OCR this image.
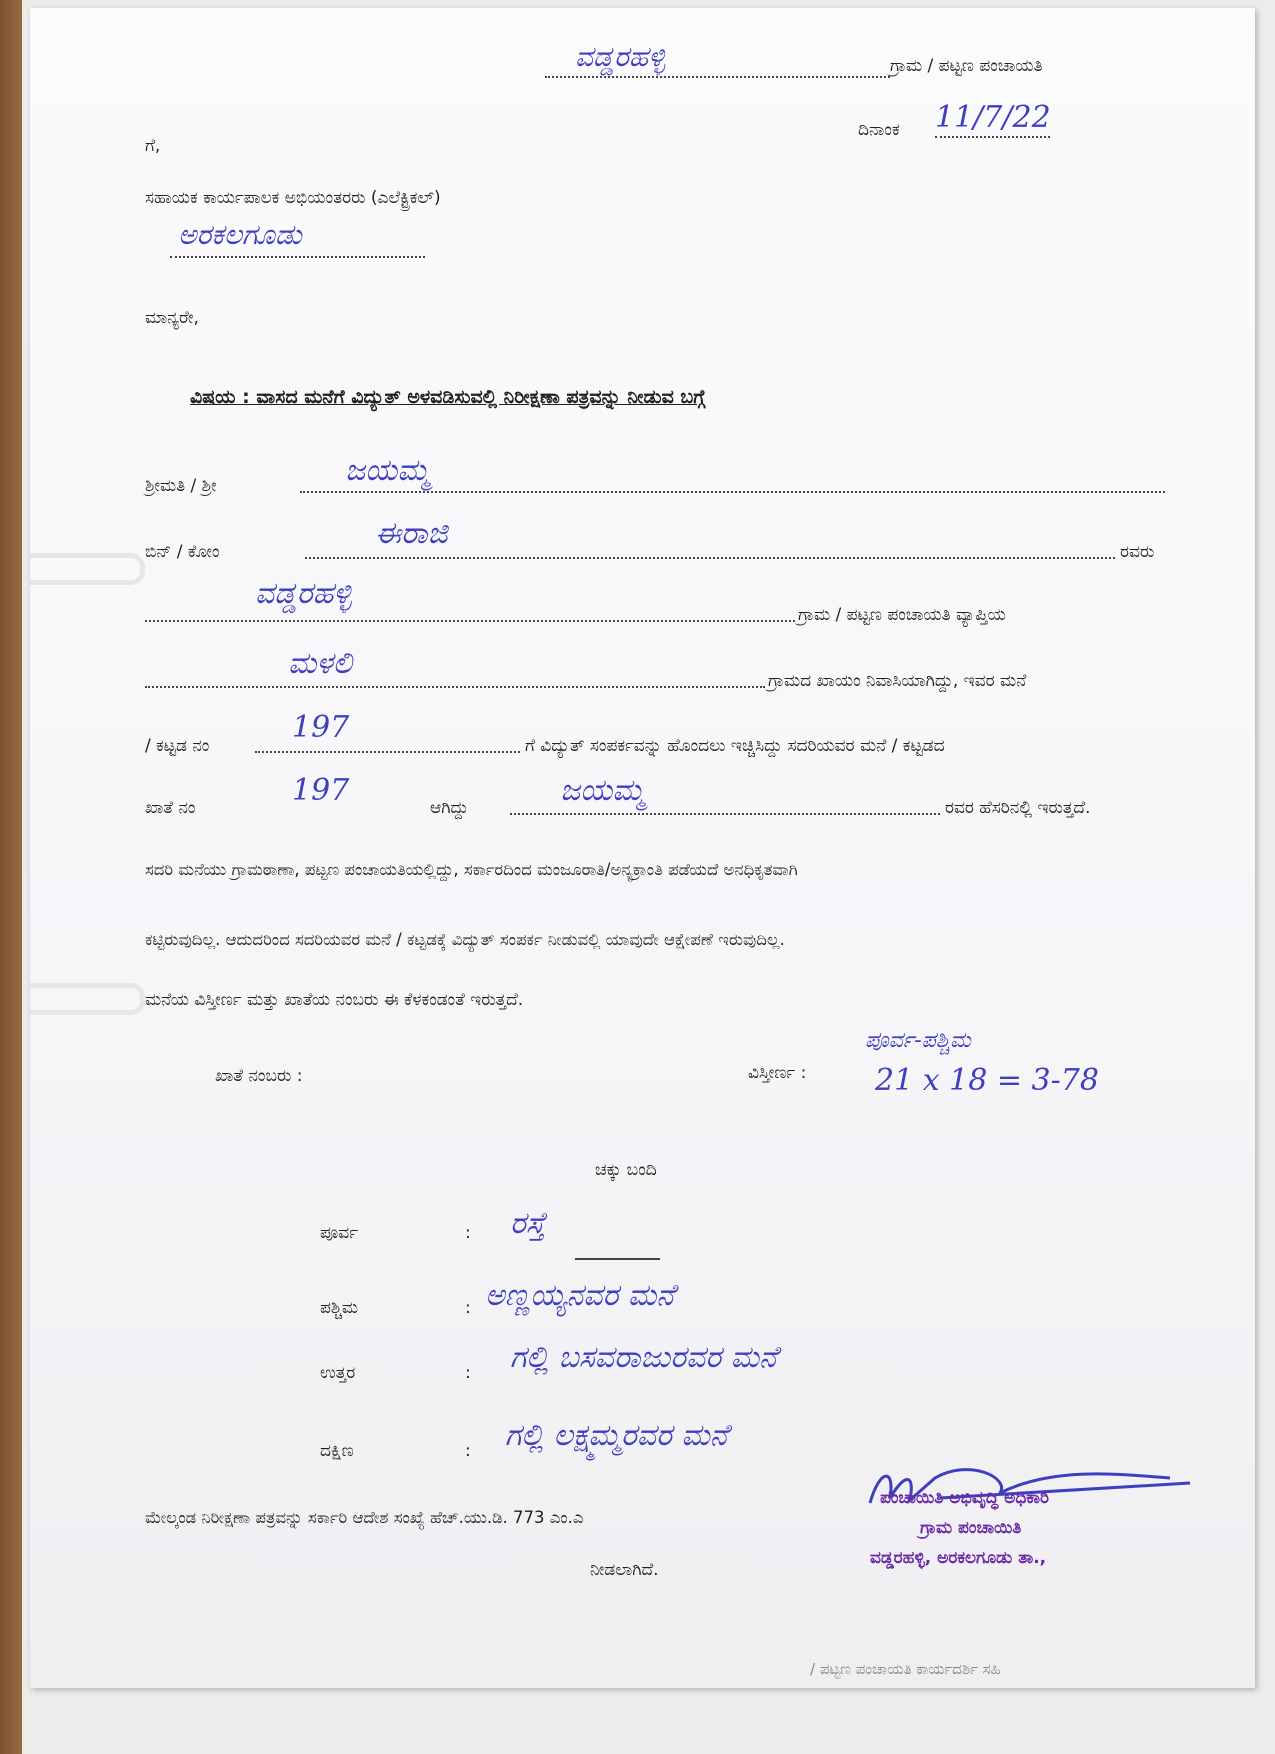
ವಡ್ಡರಹಳ್ಳಿ	ಗ್ರಾಮ / ಪಟ್ಟಣ ಪಂಚಾಯತಿ
ದಿನಾಂಕ 11/7/22
ಗೆ,
ಸಹಾಯಕ ಕಾರ್ಯಪಾಲಕ ಅಭಿಯಂತರರು (ಎಲೆಕ್ಟ್ರಿಕಲ್)
ಅರಕಲಗೂಡು
ಮಾನ್ಯರೇ,
ವಿಷಯ : ವಾಸದ ಮನೆಗೆ ವಿದ್ಯುತ್ ಅಳವಡಿಸುವಲ್ಲಿ ನಿರೀಕ್ಷಣಾ ಪತ್ರವನ್ನು ನೀಡುವ ಬಗ್ಗೆ
ಶ್ರೀಮತಿ / ಶ್ರೀ	ಜಯಮ್ಮ
ಬಿನ್ / ಕೋಂ
ಈರಾಜಿ
ರವರು
ವಡ್ಡರಹಳ್ಳಿ
ಗ್ರಾಮ / ಪಟ್ಟಣ ಪಂಚಾಯತಿ ವ್ಯಾಪ್ತಿಯ
ಮಳಲಿ	ಗ್ರಾಮದ ಖಾಯಂ ನಿವಾಸಿಯಾಗಿದ್ದು, ಇವರ ಮನೆ
/ ಕಟ್ಟಡ ನಂ
197
ಗೆ ವಿದ್ಯುತ್ ಸಂಪರ್ಕವನ್ನು ಹೊಂದಲು ಇಚ್ಚಿಸಿದ್ದು ಸದರಿಯವರ ಮನೆ / ಕಟ್ಟಡದ
ಖಾತೆ ನಂ	197	ಆಗಿದ್ದು	ಜಯಮ್ಮ	ರವರ ಹೆಸರಿನಲ್ಲಿ ಇರುತ್ತದೆ.
ಸದರಿ ಮನೆಯು ಗ್ರಾಮಠಾಣಾ, ಪಟ್ಟಣ ಪಂಚಾಯತಿಯಲ್ಲಿದ್ದು, ಸರ್ಕಾರದಿಂದ ಮಂಜೂರಾತಿ/ಅನ್ಯಕ್ರಾಂತಿ ಪಡೆಯದೆ ಅನಧಿಕೃತವಾಗಿ
ಕಟ್ಟಿರುವುದಿಲ್ಲ. ಆದುದರಿಂದ ಸದರಿಯವರ ಮನೆ / ಕಟ್ಟಡಕ್ಕೆ ವಿದ್ಯುತ್ ಸಂಪರ್ಕ ನೀಡುವಲ್ಲಿ ಯಾವುದೇ ಆಕ್ಷೇಪಣೆ ಇರುವುದಿಲ್ಲ.
ಮನೆಯ ವಿಸ್ತೀರ್ಣ ಮತ್ತು ಖಾತೆಯ ನಂಬರು ಈ ಕೆಳಕಂಡಂತೆ ಇರುತ್ತದೆ.
ಖಾತೆ ನಂಬರು :	ವಿಸ್ತೀರ್ಣ :
ಪೂರ್ವ-ಪಶ್ಚಿಮ
21 x 18 = 3-78
ಚಕ್ಕು ಬಂದಿ
ಪೂರ್ವ	: ರಸ್ತೆ
ಪಶ್ಚಿಮ	: ಅಣ್ಣಯ್ಯನವರ ಮನೆ
ಉತ್ತರ	: ಗಲ್ಲಿ ಬಸವರಾಜುರವರ ಮನೆ
ದಕ್ಷಿಣ	: ಗಲ್ಲಿ ಲಕ್ಷ್ಮಮ್ಮರವರ ಮನೆ
ಮೇಲ್ಕಂಡ ನಿರೀಕ್ಷಣಾ ಪತ್ರವನ್ನು ಸರ್ಕಾರಿ ಆದೇಶ ಸಂಖ್ಯೆ ಹೆಚ್.ಯು.ಡಿ. 773 ಎಂ.ಎ
ನೀಡಲಾಗಿದೆ.
ಪಂಚಾಯಿತಿ ಅಭಿವೃದ್ಧಿ ಅಧಿಕಾರಿ
ಗ್ರಾಮ ಪಂಚಾಯಿತಿ
ವಡ್ಡರಹಳ್ಳಿ, ಅರಕಲಗೂಡು ತಾ.,
/ ಪಟ್ಟಣ ಪಂಚಾಯತಿ ಕಾರ್ಯದರ್ಶಿ ಸಹಿ
